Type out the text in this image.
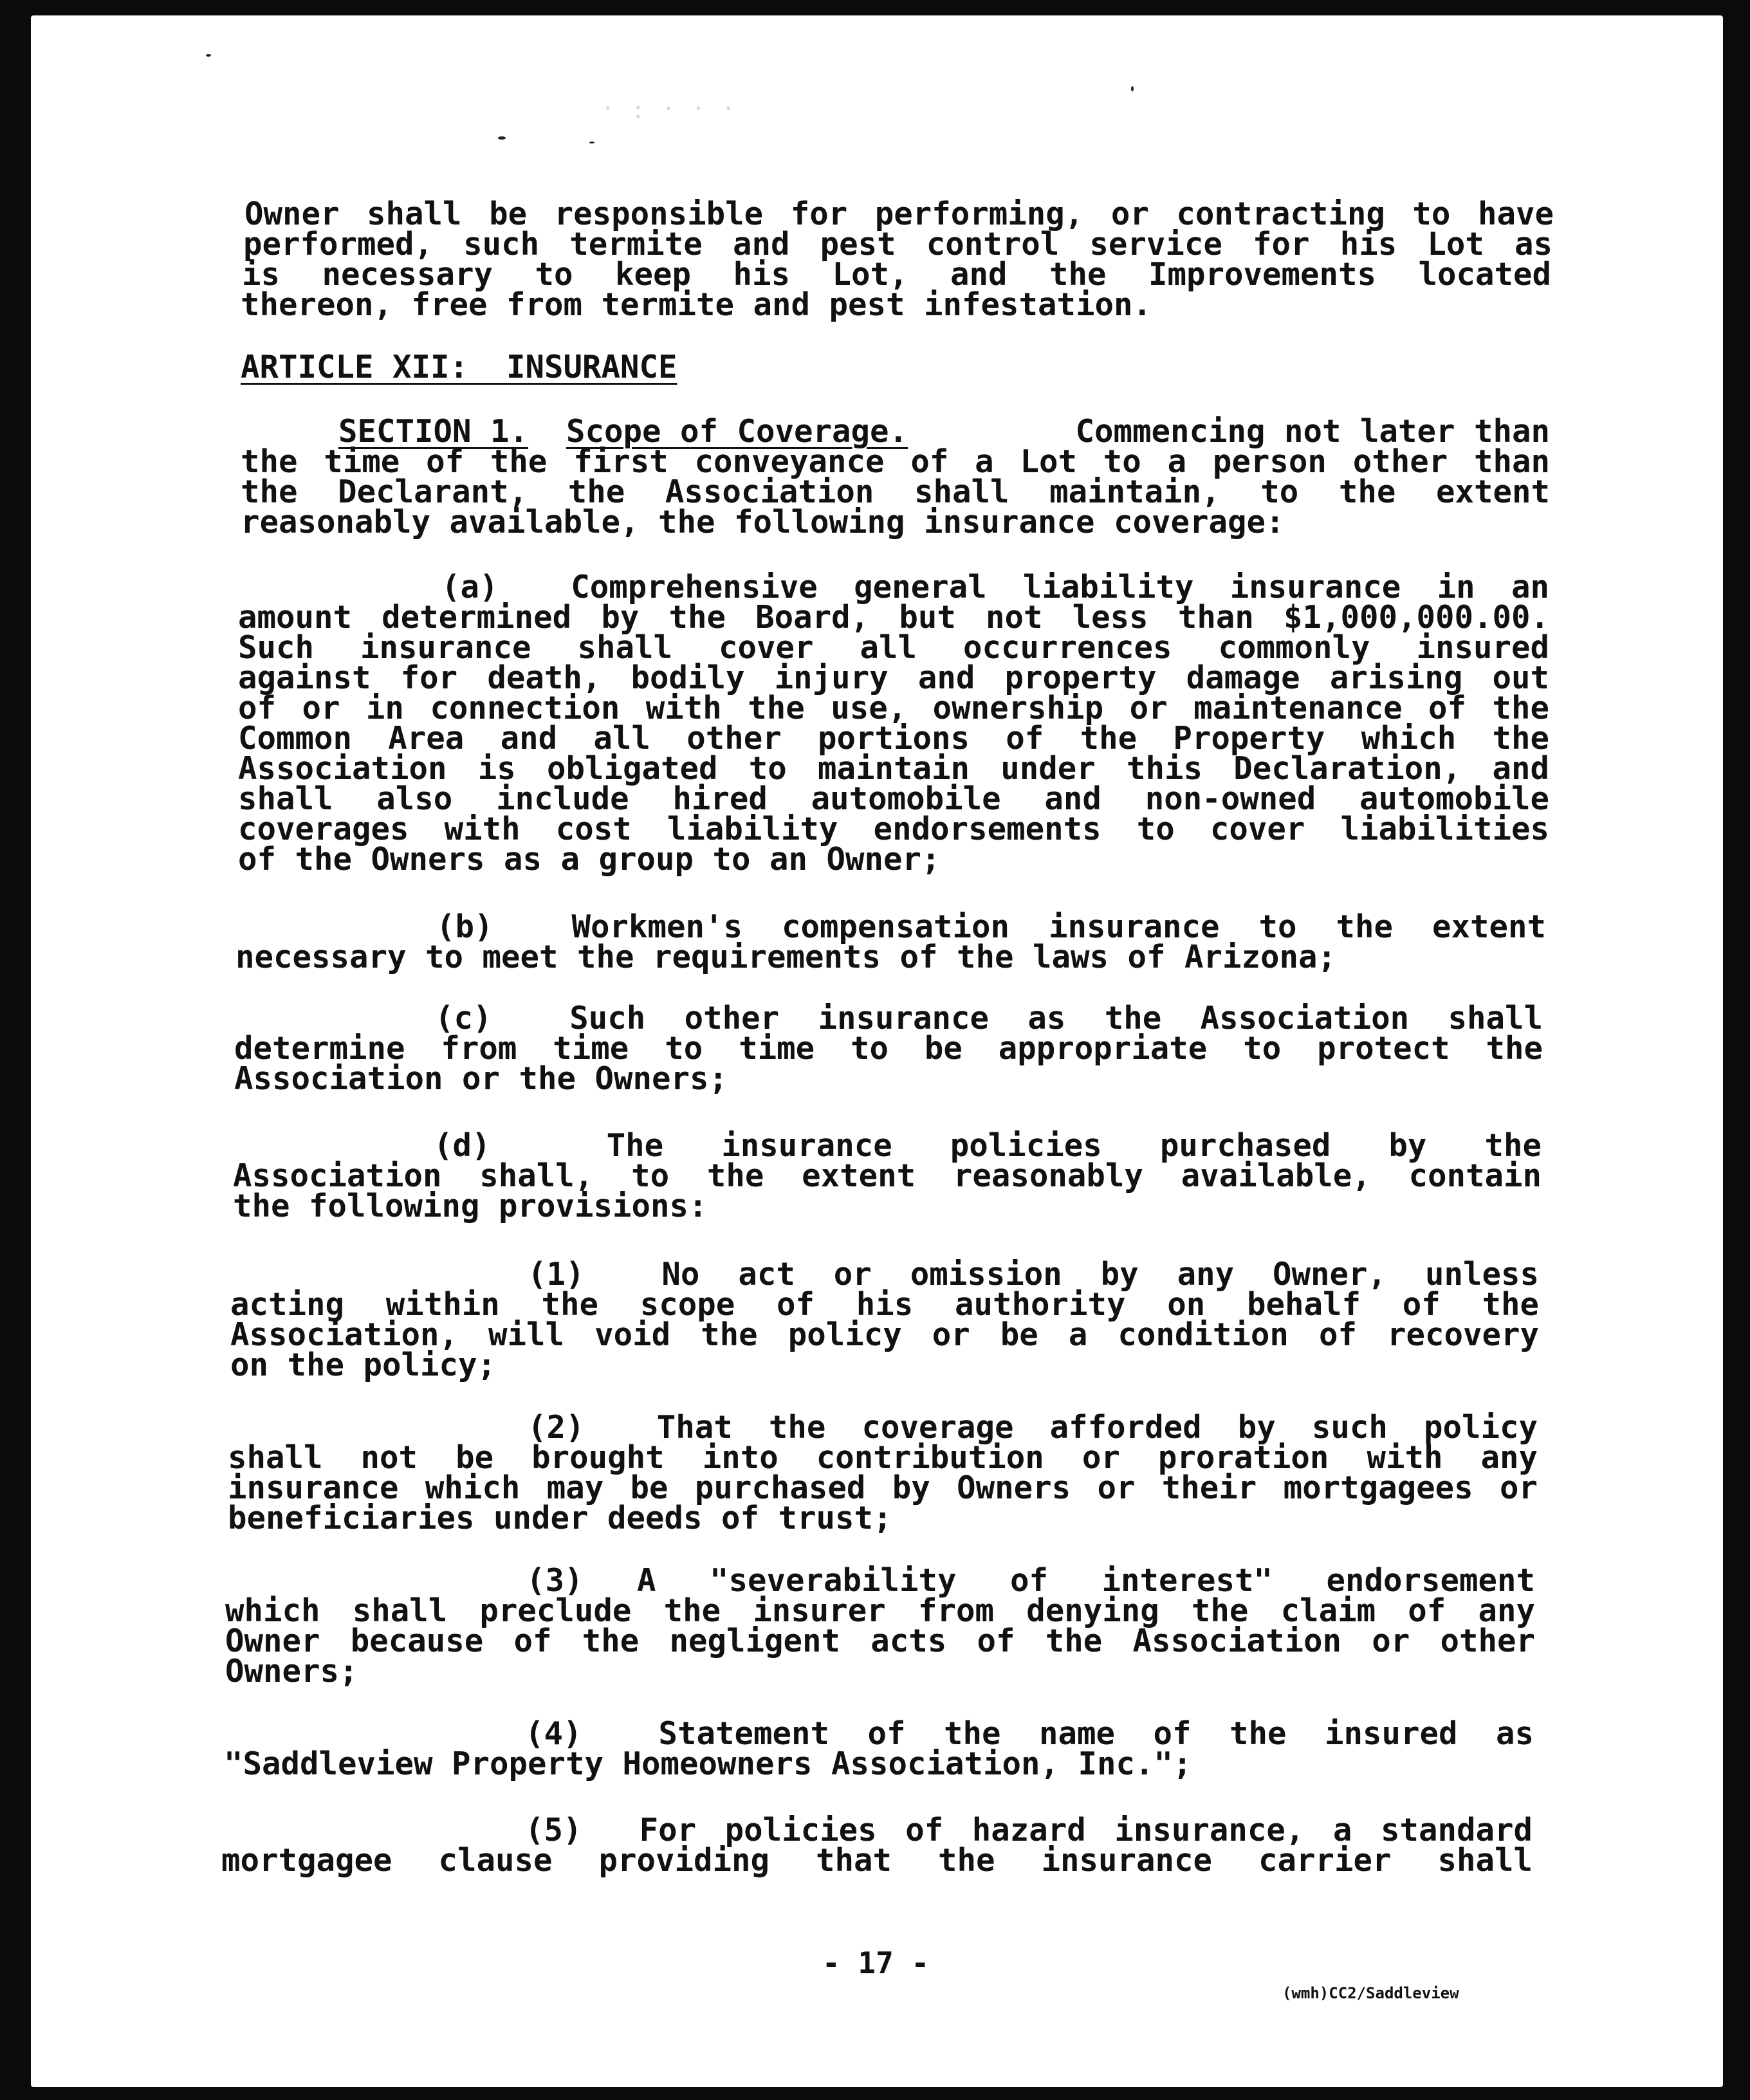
· : · · ·
Owner shall be responsible for performing, or contracting to have
performed, such termite and pest control service for his Lot as
is necessary to keep his Lot, and the Improvements located
thereon, free from termite and pest infestation.
ARTICLE XII:  INSURANCE
SECTION 1. Scope of Coverage.	Commencing not later than
the time of the first conveyance of a Lot to a person other than
the Declarant, the Association shall maintain, to the extent
reasonably available, the following insurance coverage:
(a)  Comprehensive general liability insurance in an
amount determined by the Board, but not less than $1,000,000.00.
Such insurance shall cover all occurrences commonly insured
against for death, bodily injury and property damage arising out
of or in connection with the use, ownership or maintenance of the
Common Area and all other portions of the Property which the
Association is obligated to maintain under this Declaration, and
shall also include hired automobile and non-owned automobile
coverages with cost liability endorsements to cover liabilities
of the Owners as a group to an Owner;
(b)  Workmen's compensation insurance to the extent
necessary to meet the requirements of the laws of Arizona;
(c)  Such other insurance as the Association shall
determine from time to time to be appropriate to protect the
Association or the Owners;
(d)  The insurance policies purchased by the
Association shall, to the extent reasonably available, contain
the following provisions:
(1)  No act or omission by any Owner, unless
acting within the scope of his authority on behalf of the
Association, will void the policy or be a condition of recovery
on the policy;
(2)  That the coverage afforded by such policy
shall not be brought into contribution or proration with any
insurance which may be purchased by Owners or their mortgagees or
beneficiaries under deeds of trust;
(3) A "severability of interest" endorsement
which shall preclude the insurer from denying the claim of any
Owner because of the negligent acts of the Association or other
Owners;
(4)  Statement of the name of the insured as
"Saddleview Property Homeowners Association, Inc.";
(5)  For policies of hazard insurance, a standard
mortgagee clause providing that the insurance carrier shall
- 17 -
(wmh)CC2/Saddleview
